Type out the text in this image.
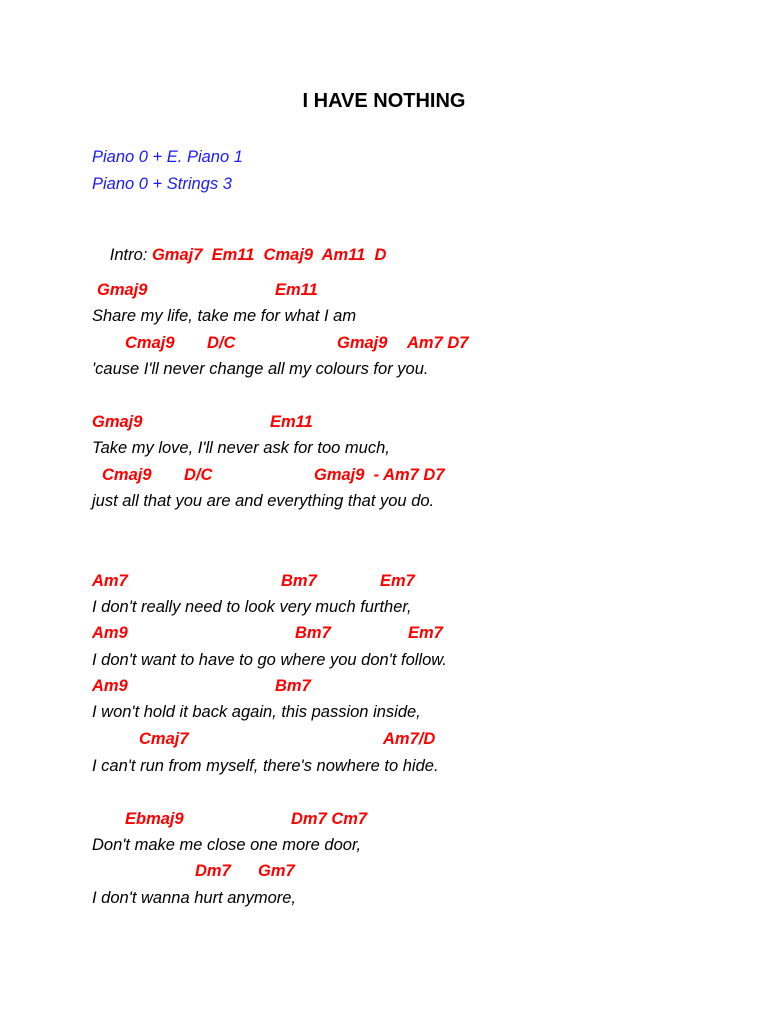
I HAVE NOTHING
Piano 0 + E. Piano 1
Piano 0 + Strings 3

Intro: Gmaj7  Em11  Cmaj9  Am11  D

Gmaj9

	Em11

Share my life, take me for what I am

Cmaj9

D/C

	Gmaj9

Am7 D7

'cause I'll never change all my colours for you.

Gmaj9

	Em11

Take my love, I'll never ask for too much,

Cmaj9

D/C

	Gmaj9  - Am7 D7

just all that you are and everything that you do.

Am7

	Bm7

	Em7

I don't really need to look very much further,

Am9

	Bm7

	Em7

I don't want to have to go where you don't follow.

Am9

	Bm7

I won't hold it back again, this passion inside,

Cmaj7

	Am7/D

I can't run from myself, there's nowhere to hide.

Ebmaj9

	Dm7 Cm7

Don't make me close one more door,

Dm7

Gm7

I don't wanna hurt anymore,
